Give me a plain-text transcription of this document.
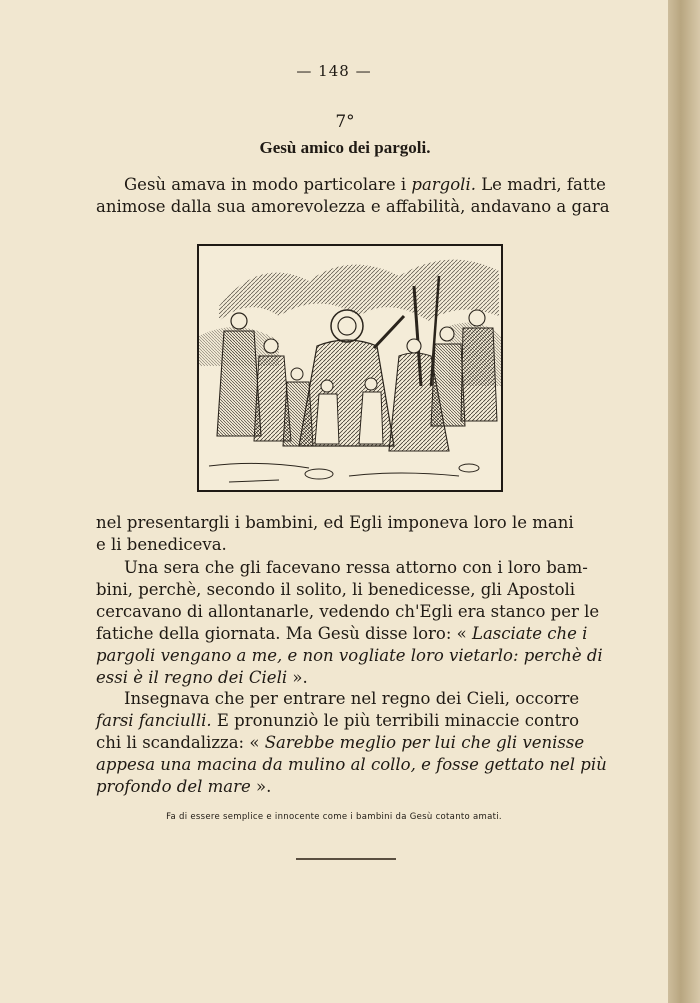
— 148 —
7°
Gesù amico dei pargoli.

Gesù amava in modo particolare i pargoli. Le madri, fatte
animose dalla sua amorevolezza e affabilità, andavano a gara

nel presentargli i bambini, ed Egli imponeva loro le mani
e li benediceva.

Una sera che gli facevano ressa attorno con i loro bam-
bini, perchè, secondo il solito, li benedicesse, gli Apostoli
cercavano di allontanarle, vedendo ch'Egli era stanco per le
fatiche della giornata. Ma Gesù disse loro: « Lasciate che i
pargoli vengano a me, e non vogliate loro vietarlo: perchè di
essi è il regno dei Cieli ».

Insegnava che per entrare nel regno dei Cieli, occorre
farsi fanciulli. E pronunziò le più terribili minaccie contro
chi li scandalizza: « Sarebbe meglio per lui che gli venisse
appesa una macina da mulino al collo, e fosse gettato nel più
profondo del mare ».

Fa di essere semplice e innocente come i bambini da Gesù cotanto amati.
